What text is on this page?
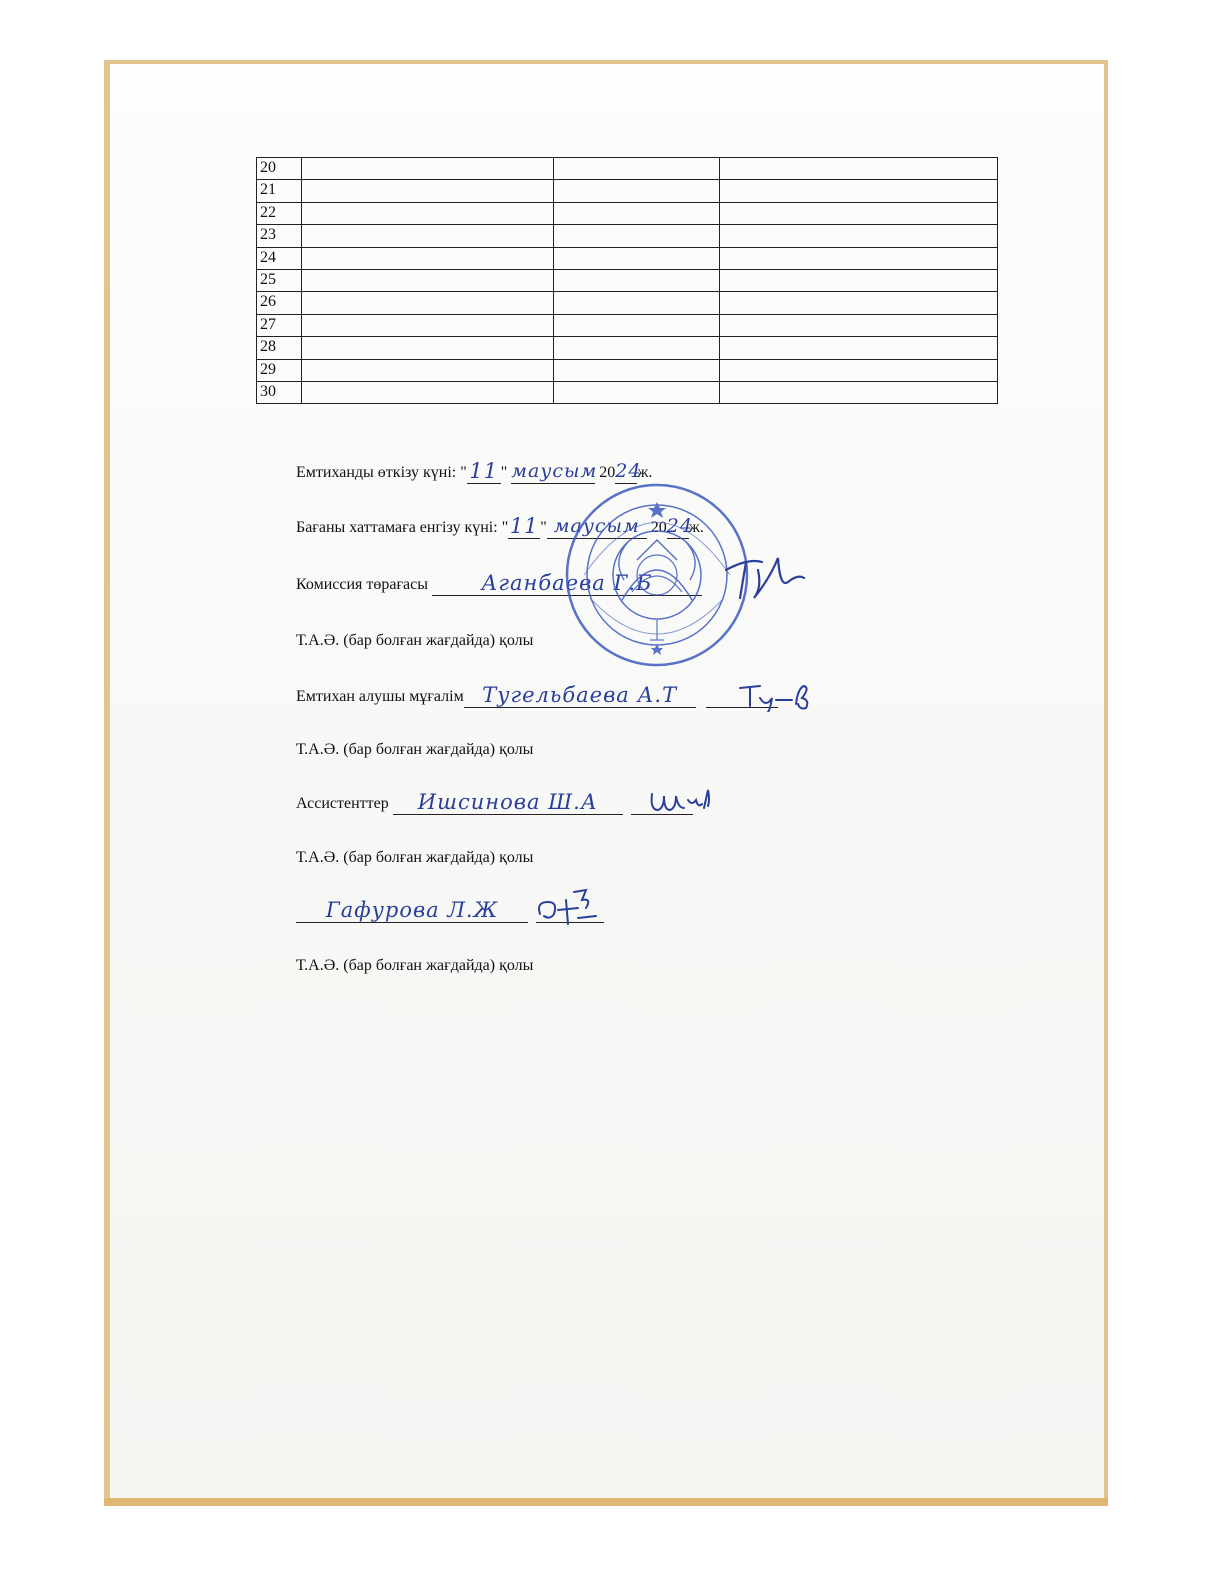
20			
21			
22			
23			
24			
25			
26			
27			
28			
29			
30			
Емтиханды өткізу күні: " 11 " маусым 20 24
ж.
Бағаны хаттамаға енгізу күні: " 11 " маусым 20 24
ж.
Комиссия төрағасы	Аганбаева Г.Б
Т.А.Ә. (бар болған жағдайда) қолы
Емтихан алушы мұғалім Тугельбаева А.Т

Т.А.Ә. (бар болған жағдайда) қолы
Ассистенттер	Ишсинова Ш.А

Т.А.Ә. (бар болған жағдайда) қолы
Гафурова Л.Ж

Т.А.Ә. (бар болған жағдайда) қолы
